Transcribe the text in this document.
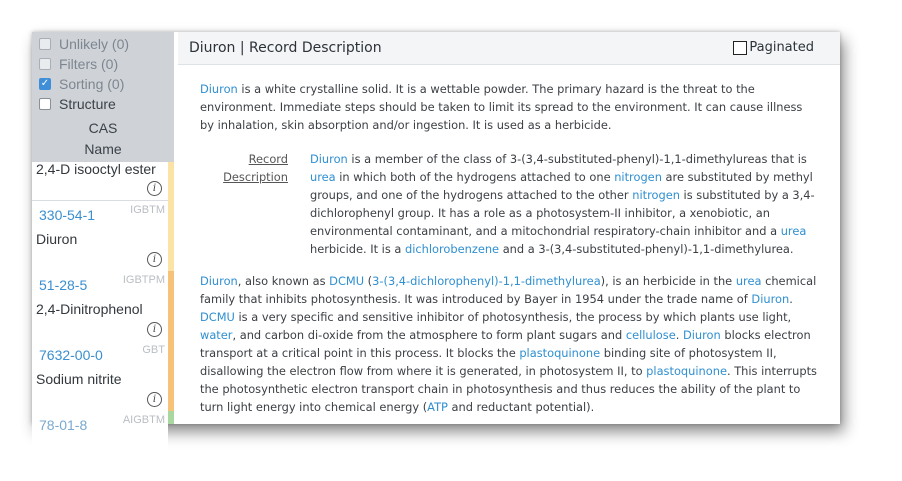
Unlikely (0)
Filters (0)
✓ Sorting (0)
Structure
CAS
Name
2,4-D isooctyl ester
i
330-54-1	IGBTM
Diuron
i
51-28-5	IGBTPM
2,4-Dinitrophenol
i
7632-00-0	GBT
Sodium nitrite
i
78-01-8	AIGBTM
Diuron | Record Description	Paginated

Diuron is a white crystalline solid. It is a wettable powder. The primary hazard is the threat to the environment. Immediate steps should be taken to limit its spread to the environment. It can cause illness by inhalation, skin absorption and/or ingestion. It is used as a herbicide.

Record
Description
Diuron is a member of the class of 3-(3,4-substituted-phenyl)-1,1-dimethylureas that is urea in which both of the hydrogens attached to one nitrogen are substituted by methyl groups, and one of the hydrogens attached to the other nitrogen is substituted by a 3,4-dichlorophenyl group. It has a role as a photosystem-II inhibitor, a xenobiotic, an environmental contaminant, and a mitochondrial respiratory-chain inhibitor and a urea herbicide. It is a dichlorobenzene and a 3-(3,4-substituted-phenyl)-1,1-dimethylurea.

Diuron, also known as DCMU (3-(3,4-dichlorophenyl)-1,1-dimethylurea), is an herbicide in the urea chemical family that inhibits photosynthesis. It was introduced by Bayer in 1954 under the trade name of Diuron. DCMU is a very specific and sensitive inhibitor of photosynthesis, the process by which plants use light, water, and carbon di-oxide from the atmosphere to form plant sugars and cellulose. Diuron blocks electron transport at a critical point in this process. It blocks the plastoquinone binding site of photosystem II, disallowing the electron flow from where it is generated, in photosystem II, to plastoquinone. This interrupts the photosynthetic electron transport chain in photosynthesis and thus reduces the ability of the plant to turn light energy into chemical energy (ATP and reductant potential).
